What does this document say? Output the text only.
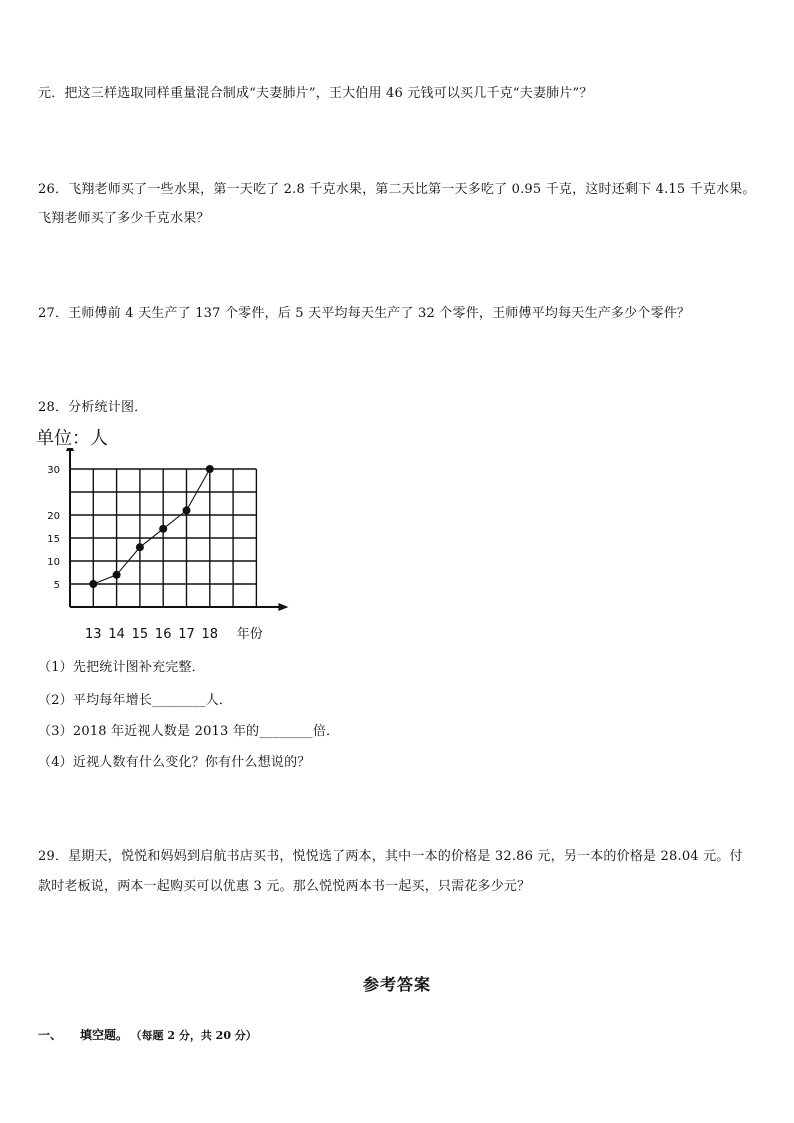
元．把这三样选取同样重量混合制成“夫妻肺片”，王大伯用 46 元钱可以买几千克“夫妻肺片”？
26．飞翔老师买了一些水果，第一天吃了 2.8 千克水果，第二天比第一天多吃了 0.95 千克，这时还剩下 4.15 千克水果。
飞翔老师买了多少千克水果？
27．王师傅前 4 天生产了 137 个零件，后 5 天平均每天生产了 32 个零件，王师傅平均每天生产多少个零件？
28．分析统计图．
单位：人
5
10
15
20
30
13 14 15 16 17 18 年份
（1）先把统计图补充完整．
（2）平均每年增长________人．
（3）2018 年近视人数是 2013 年的________倍．
（4）近视人数有什么变化？你有什么想说的？
29．星期天，悦悦和妈妈到启航书店买书，悦悦选了两本，其中一本的价格是 32.86 元，另一本的价格是 28.04 元。付
款时老板说，两本一起购买可以优惠 3 元。那么悦悦两本书一起买，只需花多少元？
参考答案
一、 填空题。 （每题 2 分，共 20 分）
